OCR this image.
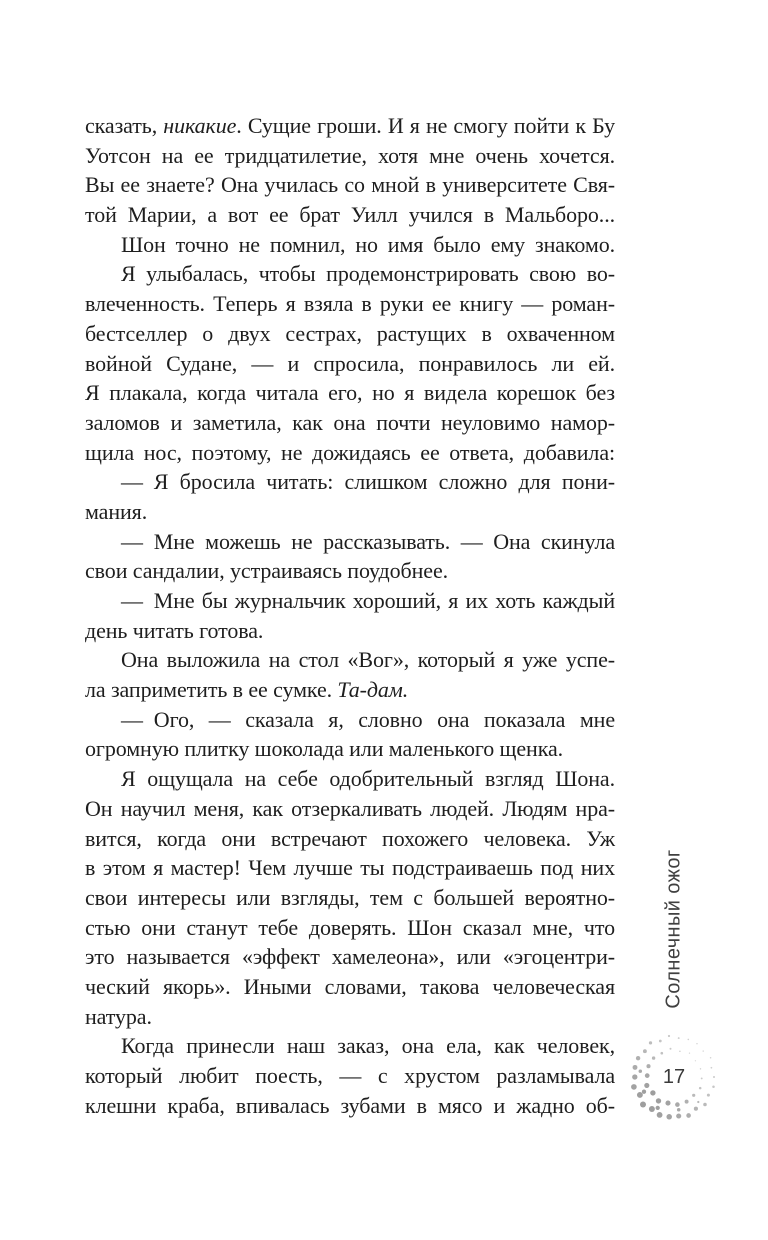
сказать, никакие. Сущие гроши. И я не смогу пойти к Бу
Уотсон на ее тридцатилетие, хотя мне очень хочется.
Вы ее знаете? Она училась со мной в университете Свя-
той Марии, а вот ее брат Уилл учился в Мальборо...
Шон точно не помнил, но имя было ему знакомо.
Я улыбалась, чтобы продемонстрировать свою во-
влеченность. Теперь я взяла в руки ее книгу — роман-
бестселлер о двух сестрах, растущих в охваченном
войной Судане, — и спросила, понравилось ли ей.
Я плакала, когда читала его, но я видела корешок без
заломов и заметила, как она почти неуловимо намор-
щила нос, поэтому, не дожидаясь ее ответа, добавила:
— Я бросила читать: слишком сложно для пони-
мания.
— Мне можешь не рассказывать. — Она скинула
свои сандалии, устраиваясь поудобнее.
— Мне бы журнальчик хороший, я их хоть каждый
день читать готова.
Она выложила на стол «Вог», который я уже успе-
ла заприметить в ее сумке. Та-дам.
— Ого, — сказала я, словно она показала мне
огромную плитку шоколада или маленького щенка.
Я ощущала на себе одобрительный взгляд Шона.
Он научил меня, как отзеркаливать людей. Людям нра-
вится, когда они встречают похожего человека. Уж
в этом я мастер! Чем лучше ты подстраиваешь под них
свои интересы или взгляды, тем с большей вероятно-
стью они станут тебе доверять. Шон сказал мне, что
это называется «эффект хамелеона», или «эгоцентри-
ческий якорь». Иными словами, такова человеческая
натура.
Когда принесли наш заказ, она ела, как человек,
который любит поесть, — с хрустом разламывала
клешни краба, впивалась зубами в мясо и жадно об-
Солнечный ожог
17
